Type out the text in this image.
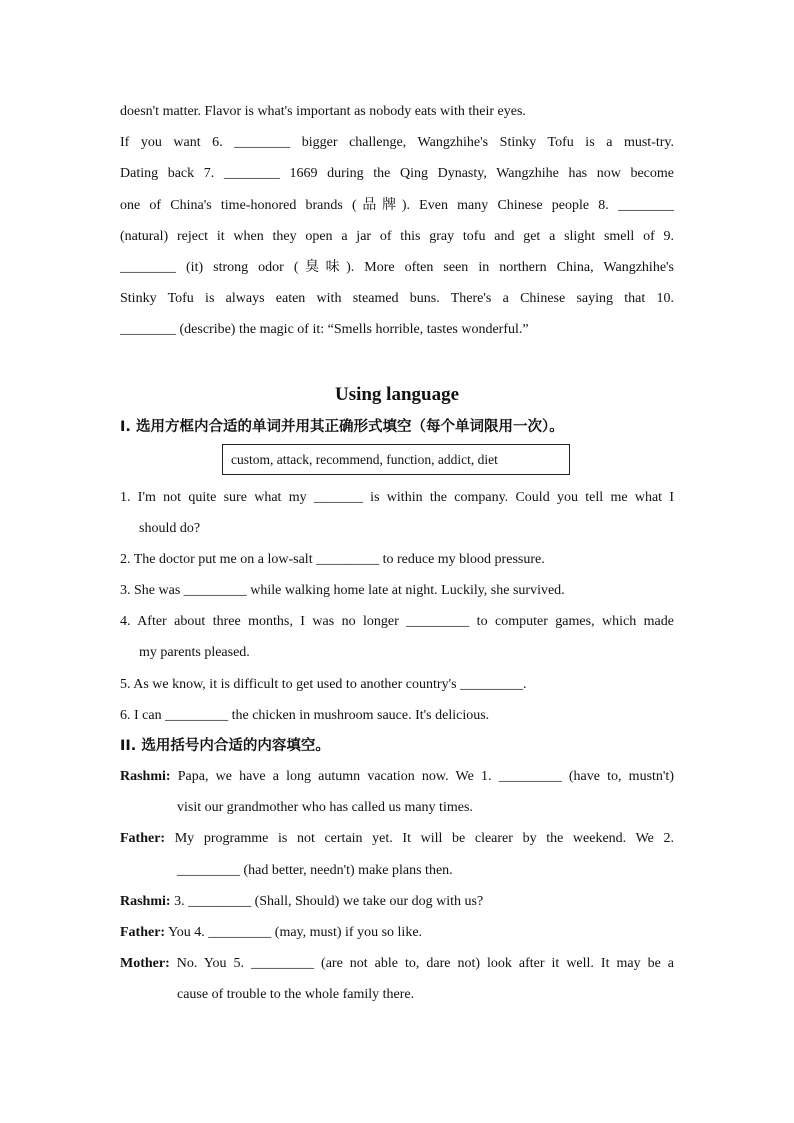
doesn't matter. Flavor is what's important as nobody eats with their eyes.
If you want 6. ________ bigger challenge, Wangzhihe's Stinky Tofu is a must-try.
Dating back 7. ________ 1669 during the Qing Dynasty, Wangzhihe has now become
one of China's time-honored brands (品牌). Even many Chinese people 8. ________
(natural) reject it when they open a jar of this gray tofu and get a slight smell of 9.
________ (it) strong odor (臭味). More often seen in northern China, Wangzhihe's
Stinky Tofu is always eaten with steamed buns. There's a Chinese saying that 10.
________ (describe) the magic of it: “Smells horrible, tastes wonderful.”
Using language
I. 选用方框内合适的单词并用其正确形式填空（每个单词限用一次）。
custom, attack, recommend, function, addict, diet
1. I'm not quite sure what my _______ is within the company. Could you tell me what I
should do?
2. The doctor put me on a low-salt _________ to reduce my blood pressure.
3. She was _________ while walking home late at night. Luckily, she survived.
4. After about three months, I was no longer _________ to computer games, which made
my parents pleased.
5. As we know, it is difficult to get used to another country's _________.
6. I can _________ the chicken in mushroom sauce. It's delicious.
II. 选用括号内合适的内容填空。
Rashmi: Papa, we have a long autumn vacation now. We 1. _________ (have to, mustn't)
visit our grandmother who has called us many times.
Father: My programme is not certain yet. It will be clearer by the weekend. We 2.
_________ (had better, needn't) make plans then.
Rashmi: 3. _________ (Shall, Should) we take our dog with us?
Father: You 4. _________ (may, must) if you so like.
Mother: No. You 5. _________ (are not able to, dare not) look after it well. It may be a
cause of trouble to the whole family there.
